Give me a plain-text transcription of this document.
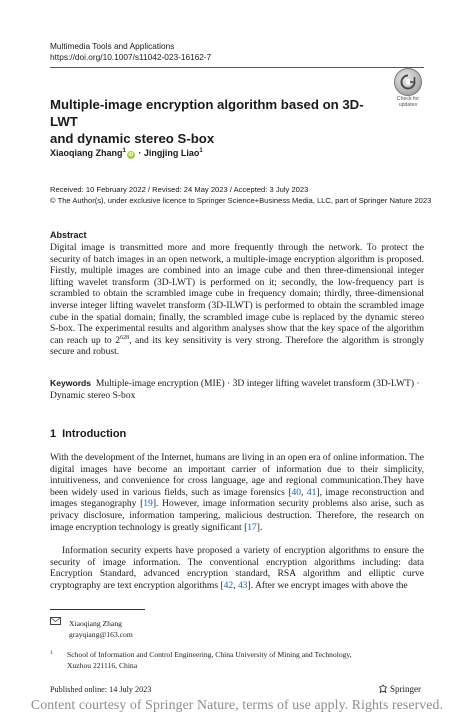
Multimedia Tools and Applications
https://doi.org/10.1007/s11042-023-16162-7
Check for
updates
Multiple-image encryption algorithm based on 3D-LWT
and dynamic stereo S-box
Xiaoqiang Zhang$^1$iD · Jingjing Liao$^1$
Received: 10 February 2022 / Revised: 24 May 2023 / Accepted: 3 July 2023
© The Author(s), under exclusive licence to Springer Science+Business Media, LLC, part of Springer Nature 2023
Abstract
Digital image is transmitted more and more frequently through the network. To protect the security of batch images in an open network, a multiple-image encryption algorithm is proposed. Firstly, multiple images are combined into an image cube and then three-dimensional integer lifting wavelet transform (3D-LWT) is performed on it; secondly, the low-frequency part is scrambled to obtain the scrambled image cube in frequency domain; thirdly, three-dimensional inverse integer lifting wavelet transform (3D-ILWT) is performed to obtain the scrambled image cube in the spatial domain; finally, the scrambled image cube is replaced by the dynamic stereo S-box. The experimental results and algorithm analyses show that the key space of the algorithm can reach up to $2^{628}$, and its key sensitivity is very strong. Therefore the algorithm is strongly secure and robust.
Keywords Multiple-image encryption (MIE) · 3D integer lifting wavelet transform (3D-LWT) · Dynamic stereo S-box
1 Introduction
With the development of the Internet, humans are living in an open era of online information. The digital images have become an important carrier of information due to their simplicity, intuitiveness, and convenience for cross language, age and regional communication.They have been widely used in various fields, such as image forensics [40, 41], image reconstruction and images steganography [19]. However, image information security problems also arise, such as privacy disclosure, information tampering, malicious destruction. Therefore, the research on image encryption technology is greatly significant [17].
Information security experts have proposed a variety of encryption algorithms to ensure the security of image information. The conventional encryption algorithms including: data Encryption Standard, advanced encryption standard, RSA algorithm and elliptic curve cryptography are text encryption algorithms [42, 43]. After we encrypt images with above the
Xiaoqiang Zhang
grayqiang@163.com
1 School of Information and Control Engineering, China University of Mining and Technology,
Xuzhou 221116, China
Published online: 14 July 2023	Springer
Content courtesy of Springer Nature, terms of use apply. Rights reserved.
